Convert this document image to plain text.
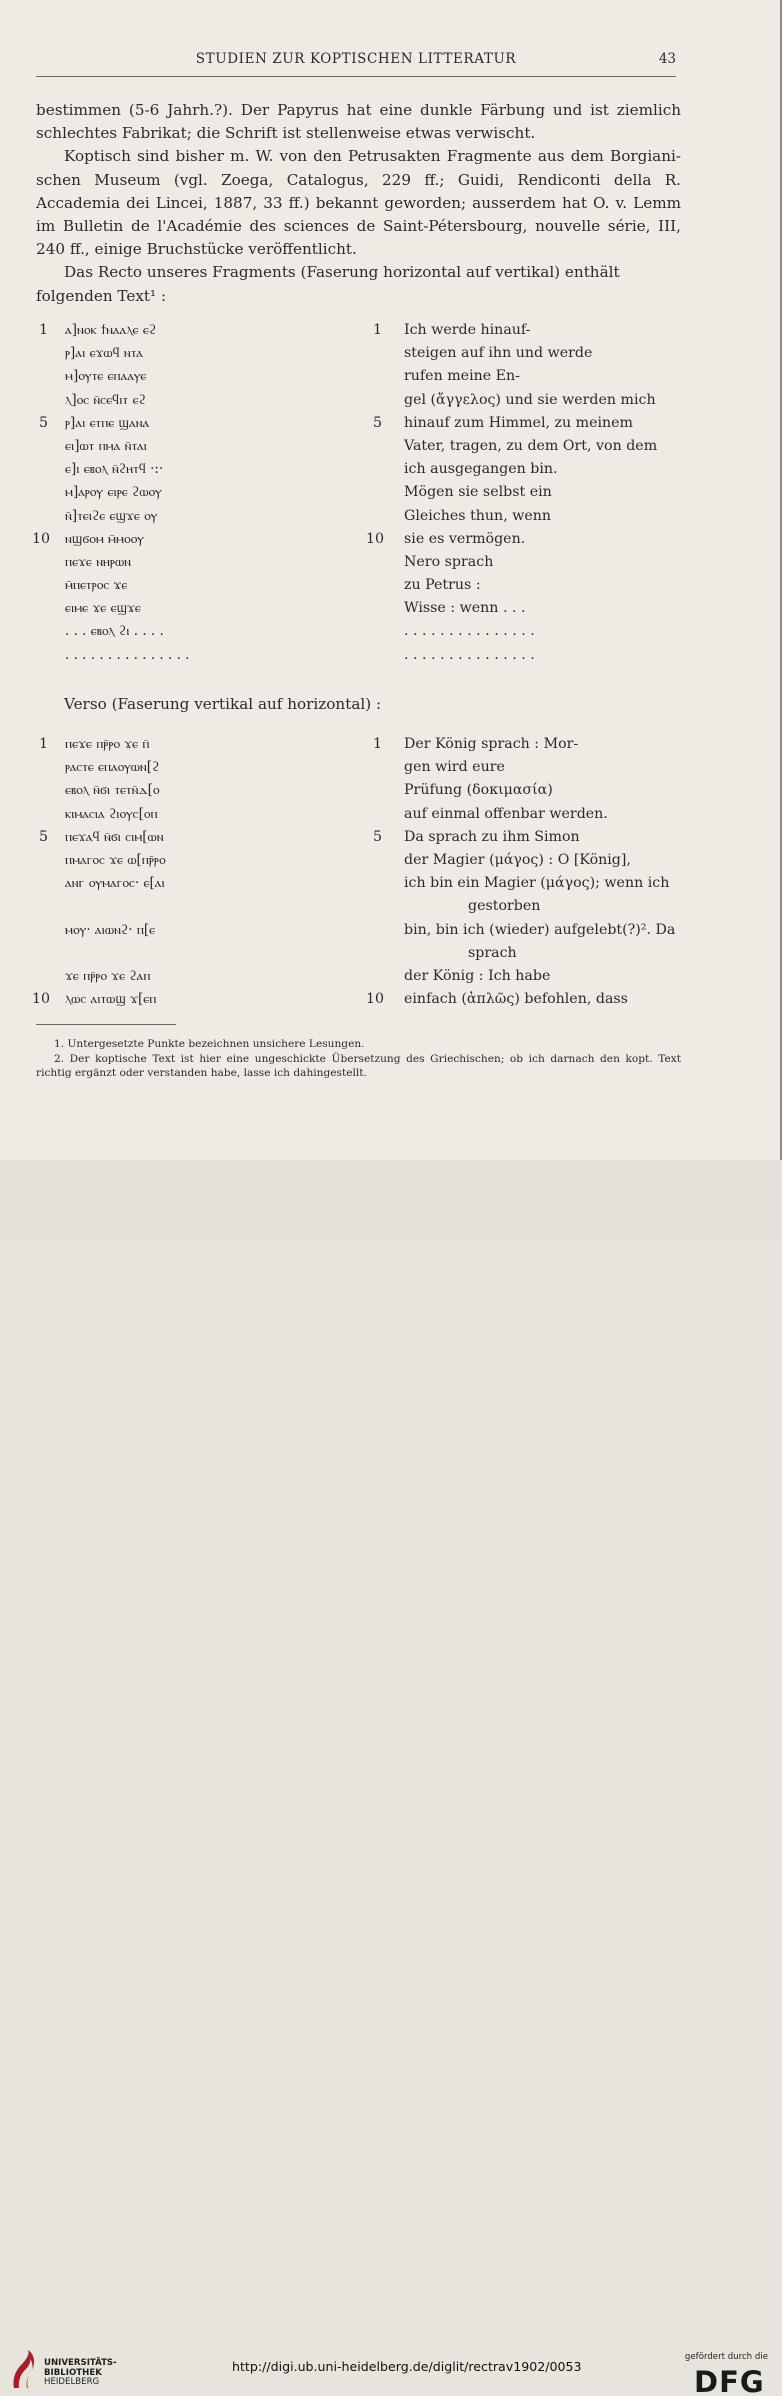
STUDIEN ZUR KOPTISCHEN LITTERATUR	43

bestimmen (5-6 Jahrh.?). Der Papyrus hat eine dunkle Färbung und ist ziemlich schlechtes Fabrikat; die Schrift ist stellenweise etwas verwischt.

Koptisch sind bisher m. W. von den Petrusakten Fragmente aus dem Borgiani-schen Museum (vgl. Zoega, Catalogus, 229 ff.; Guidi, Rendiconti della R. Accademia dei Lincei, 1887, 33 ff.) bekannt geworden; ausserdem hat O. v. Lemm im Bulletin de l'Académie des sciences de Saint-Pétersbourg, nouvelle série, III, 240 ff., einige Bruchstücke veröffentlicht.

Das Recto unseres Fragments (Faserung horizontal auf vertikal) enthält folgenden Text¹ :

1 ⲁ]ⲛⲟⲕ ϯⲛⲁⲁⲗⲉ ⲉϩ	1 Ich werde hinauf-
ⲣ]ⲁⲓ ⲉϫⲱϥ ⲛⲧⲁ	steigen auf ihn und werde
ⲙ]ⲟⲩⲧⲉ ⲉⲡⲁⲁⲩⲉ	rufen meine En-
ⲗ]ⲟⲥ ⲛ̄ⲥⲉϥⲓⲧ ⲉϩ	gel (ἄγγελος) und sie werden mich
5 ⲣ]ⲁⲓ ⲉⲧⲡⲉ ϣⲁⲛⲁ	5 hinauf zum Himmel, zu meinem
ⲉⲓ]ⲱⲧ ⲡⲙⲁ ⲛ̄ⲧⲁⲓ	Vater, tragen, zu dem Ort, von dem
ⲉ]ⲓ ⲉⲃⲟⲗ ⲛ̄ϩⲏⲧϥ ·:·	ich ausgegangen bin.
ⲙ]ⲁⲣⲟⲩ ⲉⲓⲣⲉ ϩⲱⲟⲩ	Mögen sie selbst ein
ⲛ̄]ⲧⲉⲓϩⲉ ⲉϣϫⲉ ⲟⲩ	Gleiches thun, wenn
10 ⲛϣϭⲟⲙ ⲙ̄ⲙⲟⲟⲩ	10 sie es vermögen.
ⲡⲉϫⲉ ⲛⲏⲣⲱⲛ	Nero sprach
ⲙ̄ⲡⲉⲧⲣⲟⲥ ϫⲉ	zu Petrus :
ⲉⲓⲙⲉ ϫⲉ ⲉϣϫⲉ	Wisse : wenn . . .
. . . ⲉⲃⲟⲗ ϩⲓ . . . .	. . . . . . . . . . . . . . .
. . . . . . . . . . . . . . .	. . . . . . . . . . . . . . .
Verso (Faserung vertikal auf horizontal) :
1 ⲡⲉϫⲉ ⲡⲣ̄ⲣⲟ ϫⲉ ⲡ̄	1 Der König sprach : Mor-
ⲣⲁⲥⲧⲉ ⲉⲡⲁⲟⲩⲱⲛ[ϩ	gen wird eure
ⲉⲃⲟⲗ ⲛ̄ϭⲓ ⲧⲉⲧⲛ̄ⲇ[ⲟ	Prüfung (δοκιμασία)
ⲕⲓⲙⲁⲥⲓⲁ ϩⲓⲟⲩⲥ[ⲟⲡ	auf einmal offenbar werden.
5 ⲡⲉϫⲁϥ ⲛ̄ϭⲓ ⲥⲓⲙ[ⲱⲛ	5 Da sprach zu ihm Simon
ⲡⲙⲁⲅⲟⲥ ϫⲉ ⲱ[ⲡⲣ̄ⲣⲟ	der Magier (μάγος) : O [König],
ⲁⲛⲅ ⲟⲩⲙⲁⲅⲟⲥ· ⲉ[ⲁⲓ	ich bin ein Magier (μάγος); wenn ich
gestorben
ⲙⲟⲩ· ⲁⲓⲱⲛϩ· ⲡ[ⲉ	bin, bin ich (wieder) aufgelebt(?)². Da
sprach
ϫⲉ ⲡⲣ̄ⲣⲟ ϫⲉ ϩⲁⲡ	der König : Ich habe
10 ⲗⲱⲥ ⲁⲓⲧⲱϣ ϫ[ⲉⲡ	10 einfach (ἁπλῶς) befohlen, dass

1. Untergesetzte Punkte bezeichnen unsichere Lesungen.

2. Der koptische Text ist hier eine ungeschickte Übersetzung des Griechischen; ob ich darnach den kopt. Text richtig ergänzt oder verstanden habe, lasse ich dahingestellt.

UNIVERSITÄTS-
BIBLIOTHEK
HEIDELBERG
http://digi.ub.uni-heidelberg.de/diglit/rectrav1902/0053
gefördert durch die
DFG
